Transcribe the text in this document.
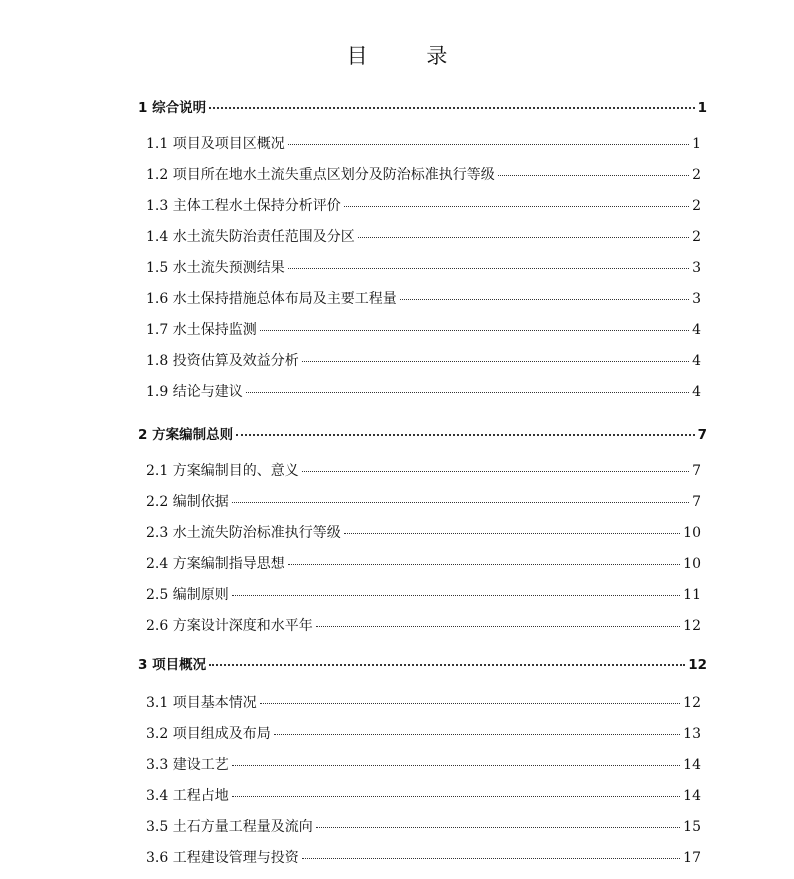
目 录
1 综合说明	1
1.1 项目及项目区概况	1
1.2 项目所在地水土流失重点区划分及防治标准执行等级	2
1.3 主体工程水土保持分析评价	2
1.4 水土流失防治责任范围及分区	2
1.5 水土流失预测结果	3
1.6 水土保持措施总体布局及主要工程量	3
1.7 水土保持监测	4
1.8 投资估算及效益分析	4
1.9 结论与建议	4
2 方案编制总则	7
2.1 方案编制目的、意义	7
2.2 编制依据	7
2.3 水土流失防治标准执行等级	10
2.4 方案编制指导思想	10
2.5 编制原则	11
2.6 方案设计深度和水平年	12
3 项目概况	12
3.1 项目基本情况	12
3.2 项目组成及布局	13
3.3 建设工艺	14
3.4 工程占地	14
3.5 土石方量工程量及流向	15
3.6 工程建设管理与投资	17
